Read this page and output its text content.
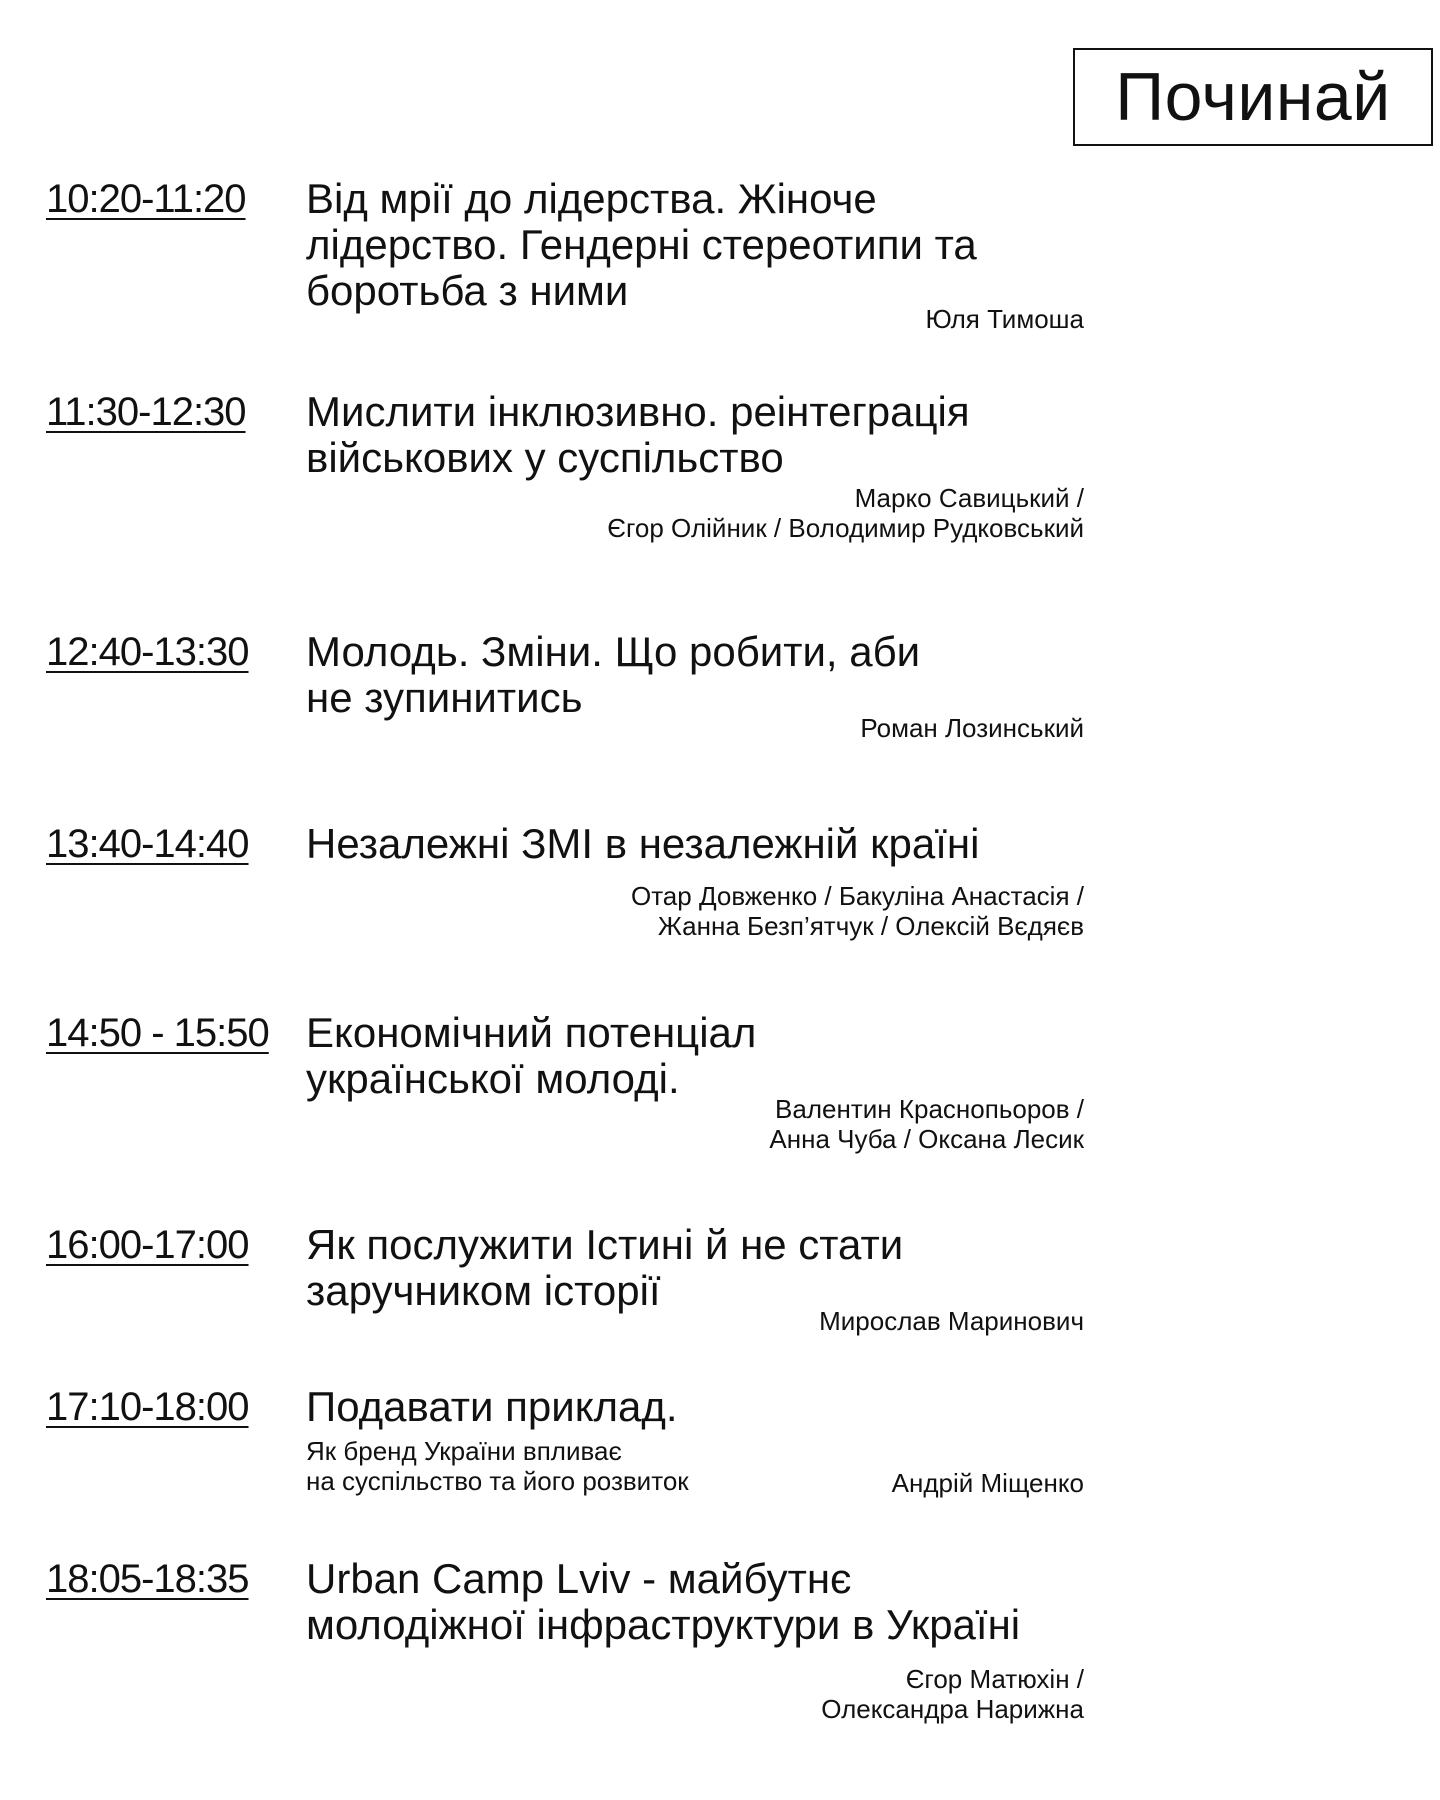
Починай
10:20-11:20 Від мрії до лідерства. Жіноче
лідерство. Гендерні стереотипи та
боротьба з ними
Юля Тимоша
11:30-12:30 Мислити інклюзивно. реінтеграція
військових у суспільство
Марко Савицький /
Єгор Олійник / Володимир Рудковський
12:40-13:30 Молодь. Зміни. Що робити, аби
не зупинитись
Роман Лозинський
13:40-14:40 Незалежні ЗМІ в незалежній країні
Отар Довженко / Бакуліна Анастасія /
Жанна Безп’ятчук / Олексій Вєдяєв
14:50 - 15:50 Економічний потенціал
української молоді.
Валентин Краснопьоров /
Анна Чуба / Оксана Лесик
16:00-17:00 Як послужити Істині й не стати
заручником історії
Мирослав Маринович
17:10-18:00 Подавати приклад.
Як бренд України впливає
на суспільство та його розвиток	Андрій Міщенко
18:05-18:35 Urban Camp Lviv - майбутнє
молодіжної інфраструктури в Україні
Єгор Матюхін /
Олександра Нарижна
